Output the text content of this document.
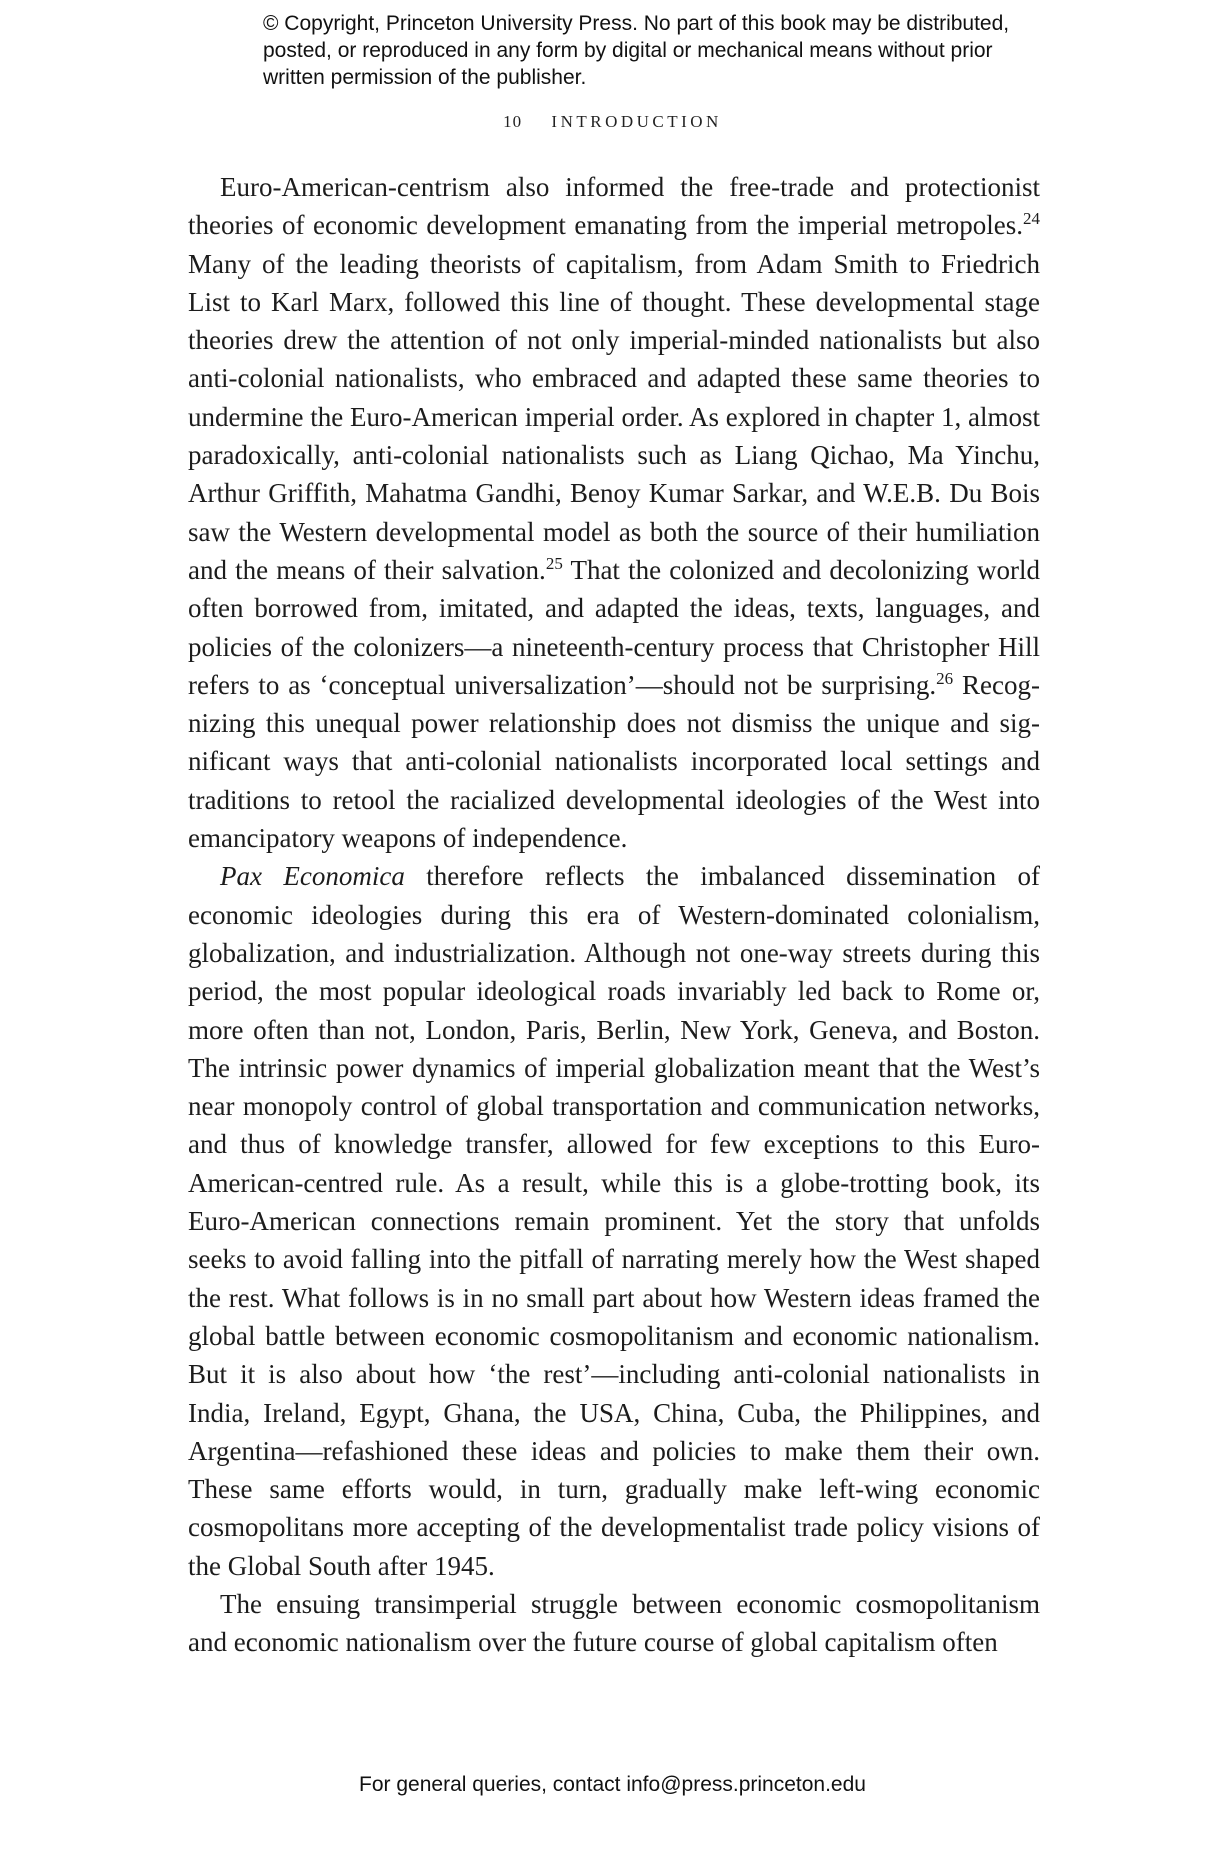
© Copyright, Princeton University Press. No part of this book may be distributed, posted, or reproduced in any form by digital or mechanical means without prior written permission of the publisher.
10 INTRODUCTION

Euro-American-centrism also informed the free-trade and protectionist theories of economic development emanating from the imperial metropoles.$^{24}$ Many of the leading theorists of capitalism, from Adam Smith to Friedrich List to Karl Marx, followed this line of thought. These developmental stage theories drew the attention of not only imperial-minded nationalists but also anti-colonial nationalists, who embraced and adapted these same theories to undermine the Euro-American imperial order. As explored in chapter 1, almost paradoxically, anti-colonial nationalists such as Liang Qichao, Ma Yinchu, Arthur Griffith, Mahatma Gandhi, Benoy Kumar Sarkar, and W.E.B. Du Bois saw the Western developmental model as both the source of their humiliation and the means of their salvation.$^{25}$ That the colonized and decolonizing world often borrowed from, imitated, and adapted the ideas, texts, languages, and policies of the colonizers—a nineteenth-century process that Christopher Hill refers to as ‘conceptual universalization’—should not be surprising.$^{26}$ Recognizing this unequal power relationship does not dismiss the unique and significant ways that anti-colonial nationalists incorporated local settings and traditions to retool the racialized developmental ideologies of the West into emancipatory weapons of independence.

Pax Economica therefore reflects the imbalanced dissemination of economic ideologies during this era of Western-dominated colonialism, globalization, and industrialization. Although not one-way streets during this period, the most popular ideological roads invariably led back to Rome or, more often than not, London, Paris, Berlin, New York, Geneva, and Boston. The intrinsic power dynamics of imperial globalization meant that the West’s near monopoly control of global transportation and communication networks, and thus of knowledge transfer, allowed for few exceptions to this Euro-American-centred rule. As a result, while this is a globe-trotting book, its Euro-American connections remain prominent. Yet the story that unfolds seeks to avoid falling into the pitfall of narrating merely how the West shaped the rest. What follows is in no small part about how Western ideas framed the global battle between economic cosmopolitanism and economic nationalism. But it is also about how ‘the rest’—including anti-colonial nationalists in India, Ireland, Egypt, Ghana, the USA, China, Cuba, the Philippines, and Argentina—refashioned these ideas and policies to make them their own. These same efforts would, in turn, gradually make left-wing economic cosmopolitans more accepting of the developmentalist trade policy visions of the Global South after 1945.

The ensuing transimperial struggle between economic cosmopolitanism and economic nationalism over the future course of global capitalism often

For general queries, contact info@press.princeton.edu
